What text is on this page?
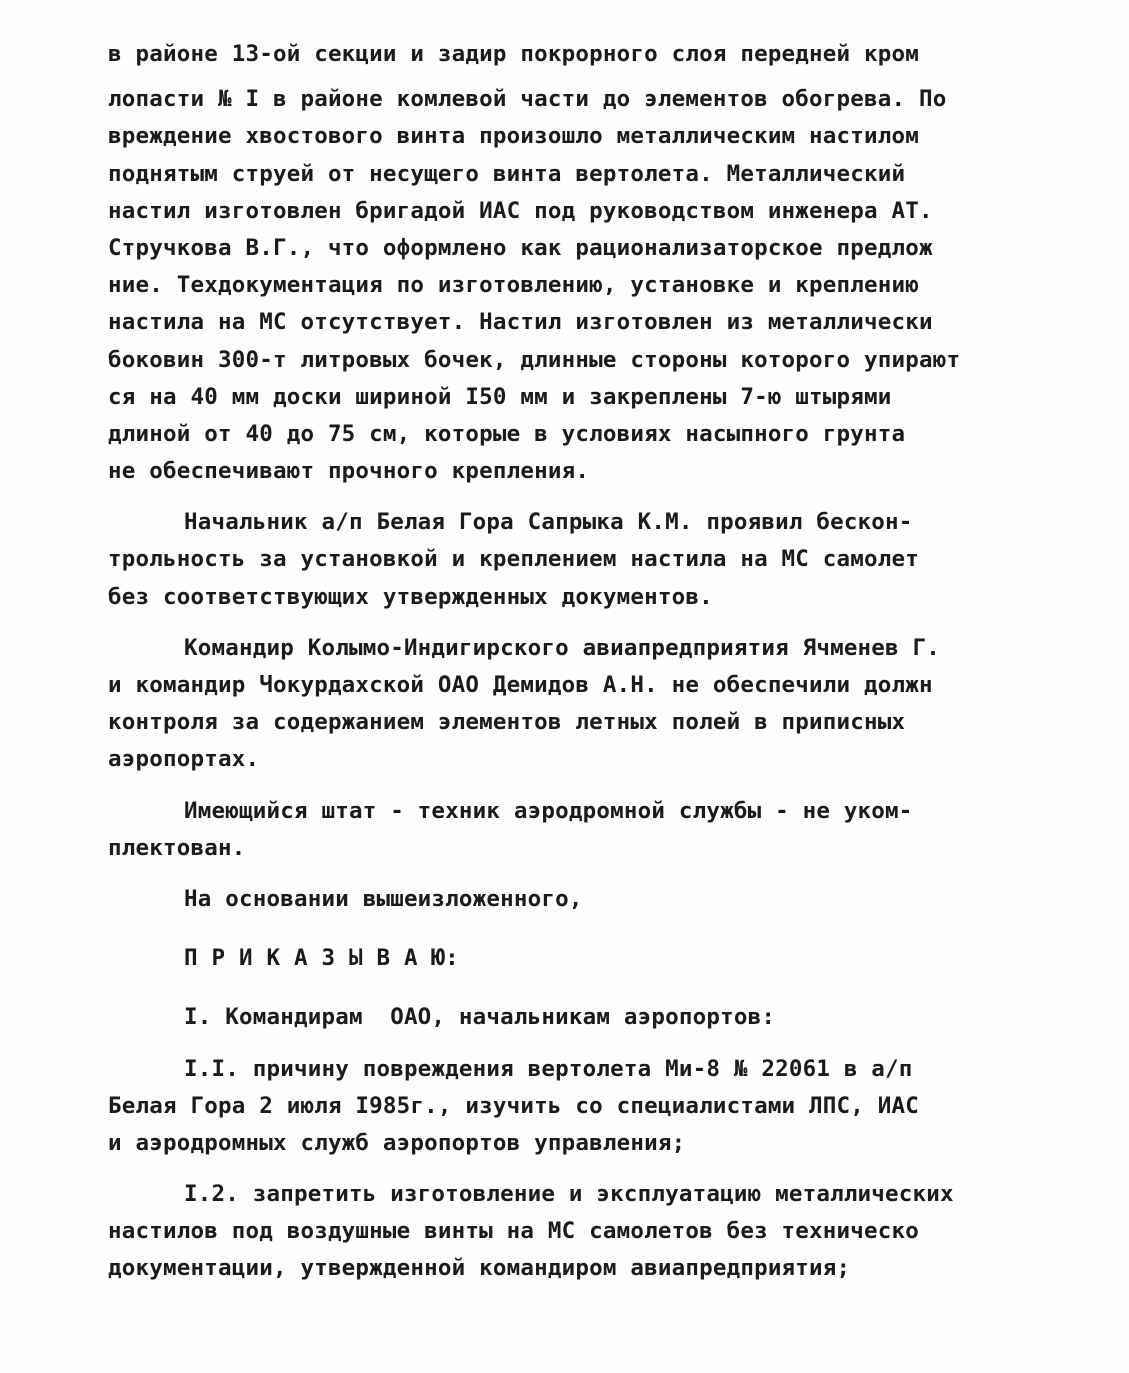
в районе 13-ой секции и задир покрорного слоя передней кром
лопасти № I в районе комлевой части до элементов обогрева. По
вреждение хвостового винта произошло металлическим настилом
поднятым струей от несущего винта вертолета. Металлический
настил изготовлен бригадой ИАС под руководством инженера АТ.
Стручкова В.Г., что оформлено как рационализаторское предлож
ние. Техдокументация по изготовлению, установке и креплению
настила на МС отсутствует. Настил изготовлен из металлически
боковин 300-т литровых бочек, длинные стороны которого упирают
ся на 40 мм доски шириной I50 мм и закреплены 7-ю штырями
длиной от 40 до 75 см, которые в условиях насыпного грунта
не обеспечивают прочного крепления.
Начальник а/п Белая Гора Сапрыка К.М. проявил бескон-
трольность за установкой и креплением настила на МС самолет
без соответствующих утвержденных документов.
Командир Колымо-Индигирского авиапредприятия Ячменев Г.
и командир Чокурдахской ОАО Демидов А.Н. не обеспечили должн
контроля за содержанием элементов летных полей в приписных
аэропортах.
Имеющийся штат - техник аэродромной службы - не уком-
плектован.
На основании вышеизложенного,
П Р И К А З Ы В А Ю:
I. Командирам  ОАО, начальникам аэропортов:
I.I. причину повреждения вертолета Ми-8 № 22061 в а/п
Белая Гора 2 июля I985г., изучить со специалистами ЛПС, ИАС
и аэродромных служб аэропортов управления;
I.2. запретить изготовление и эксплуатацию металлических
настилов под воздушные винты на МС самолетов без техническо
документации, утвержденной командиром авиапредприятия;
